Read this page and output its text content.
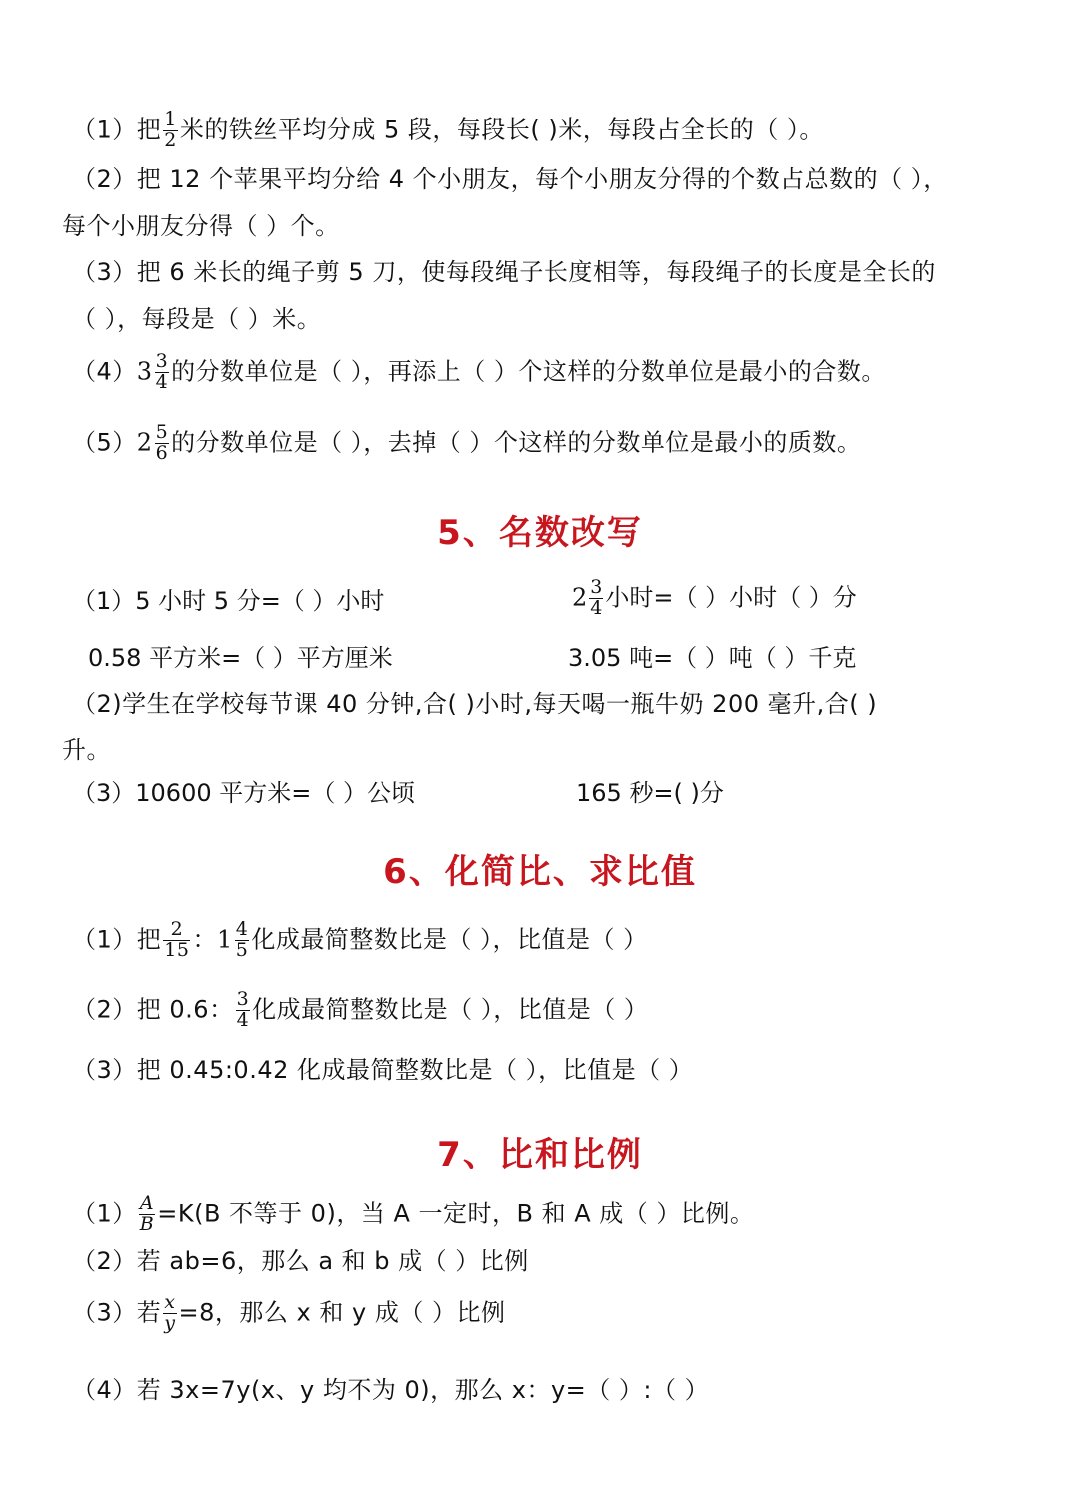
（1）把 $\frac{1}{2}$ 米的铁丝平均分成 5 段，每段长( )米，每段占全长的（ ）。
（2）把 12 个苹果平均分给 4 个小朋友，每个小朋友分得的个数占总数的（ ），
每个小朋友分得（ ）个。
（3）把 6 米长的绳子剪 5 刀，使每段绳子长度相等，每段绳子的长度是全长的
（ ），每段是（ ）米。
$(4)3 \frac{3}{4}$ 的分数单位是（ ），再添上（ ）个这样的分数单位是最小的合数。
$(5)2 \frac{5}{6}$ 的分数单位是（ ），去掉（ ）个这样的分数单位是最小的质数。
5、名数改写
（1）5 小时 5 分=（ ）小时	$2 \frac{3}{4}$ 小时=（ ）小时（ ）分
0.58 平方米=（ ）平方厘米	3.05 吨=（ ）吨（ ）千克
（2)学生在学校每节课 40 分钟,合( )小时,每天喝一瓶牛奶 200 毫升,合( )
升。
（3）10600 平方米=（ ）公顷	165 秒=( )分
6、化简比、求比值
（1）把 $\frac{2}{15}$ ：$1 \frac{4}{5}$ 化成最简整数比是（ ），比值是（ ）
（2）把 0.6： $\frac{3}{4}$ 化成最简整数比是（ ），比值是（ ）
（3）把 0.45:0.42 化成最简整数比是（ ），比值是（ ）
7、比和比例
$(1) \frac{A}{B} =K(B$ 不等于 0)，当 A 一定时，B 和 A 成（ ）比例。
（2）若 ab=6，那么 a 和 b 成（ ）比例
（3）若 $\frac{x}{y} =8$，那么 x 和 y 成（ ）比例
（4）若 3x=7y(x、y 均不为 0)，那么 x：y=（ ）:（ ）
